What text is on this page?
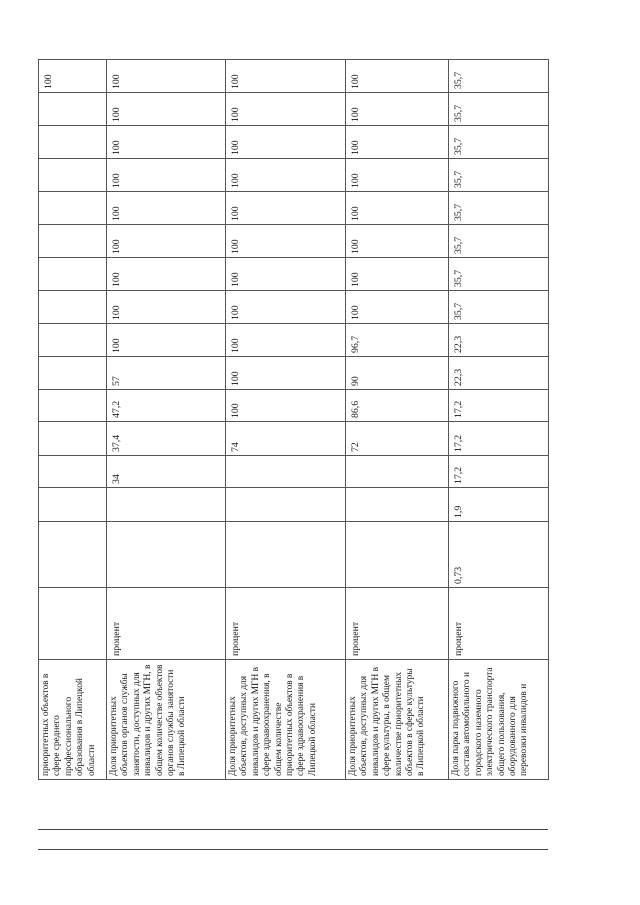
приоритетных объектов в сфере среднего профессионального образования в Липецкой области																100
Доля приоритетных объектов органов службы занятости, доступных для инвалидов и других МГН, в общем количестве объектов органов службы занятости в Липецкой области	процент			34	37,4	47,2	57	100	100	100	100	100	100	100	100	100
Доля приоритетных объектов, доступных для инвалидов и других МГН в сфере здравоохранения, в общем количестве приоритетных объектов в сфере здравоохранения в Липецкой области	процент				74	100	100	100	100	100	100	100	100	100	100	100
Доля приоритетных объектов, доступных для инвалидов и других МГН в сфере культуры, в общем количестве приоритетных объектов в сфере культуры в Липецкой области	процент				72	86,6	90	96,7	100	100	100	100	100	100	100	100
Доля парка подвижного состава автомобильного и городского наземного электрического транспорта общего пользования, оборудованного для перевозки инвалидов и	процент	0,73	1,9	17,2	17,2	17,2	22,3	22,3	35,7	35,7	35,7	35,7	35,7	35,7	35,7	35,7
